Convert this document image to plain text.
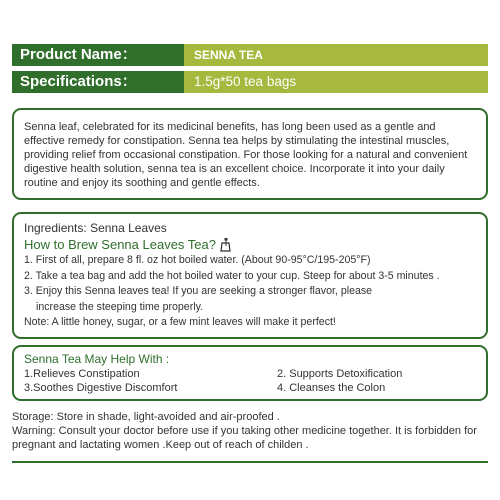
Product Name：	SENNA TEA
Specifications：	1.5g*50 tea bags

Senna leaf, celebrated for its medicinal benefits, has long been used as a gentle and effective remedy for constipation. Senna tea helps by stimulating the intestinal muscles, providing relief from occasional constipation. For those looking for a natural and convenient digestive health solution, senna tea is an excellent choice. Incorporate it into your daily routine and enjoy its soothing and gentle effects.

Ingredients: Senna Leaves
How to Brew Senna Leaves Tea?
1. First of all, prepare 8 fl. oz hot boiled water. (About 90-95°C/195-205°F)
2. Take a tea bag and add the hot boiled water to your cup. Steep for about 3-5 minutes .
3. Enjoy this Senna leaves tea! If you are seeking a stronger flavor, please
increase the steeping time properly.
Note: A little honey, sugar, or a few mint leaves will make it perfect!
Senna Tea May Help With :
1.Relieves Constipation	2. Supports Detoxification
3.Soothes Digestive Discomfort	4. Cleanses the Colon
Storage: Store in shade, light-avoided and air-proofed .
Warning: Consult your doctor before use if you taking other medicine together. It is forbidden for pregnant and lactating women .Keep out of reach of childen .
